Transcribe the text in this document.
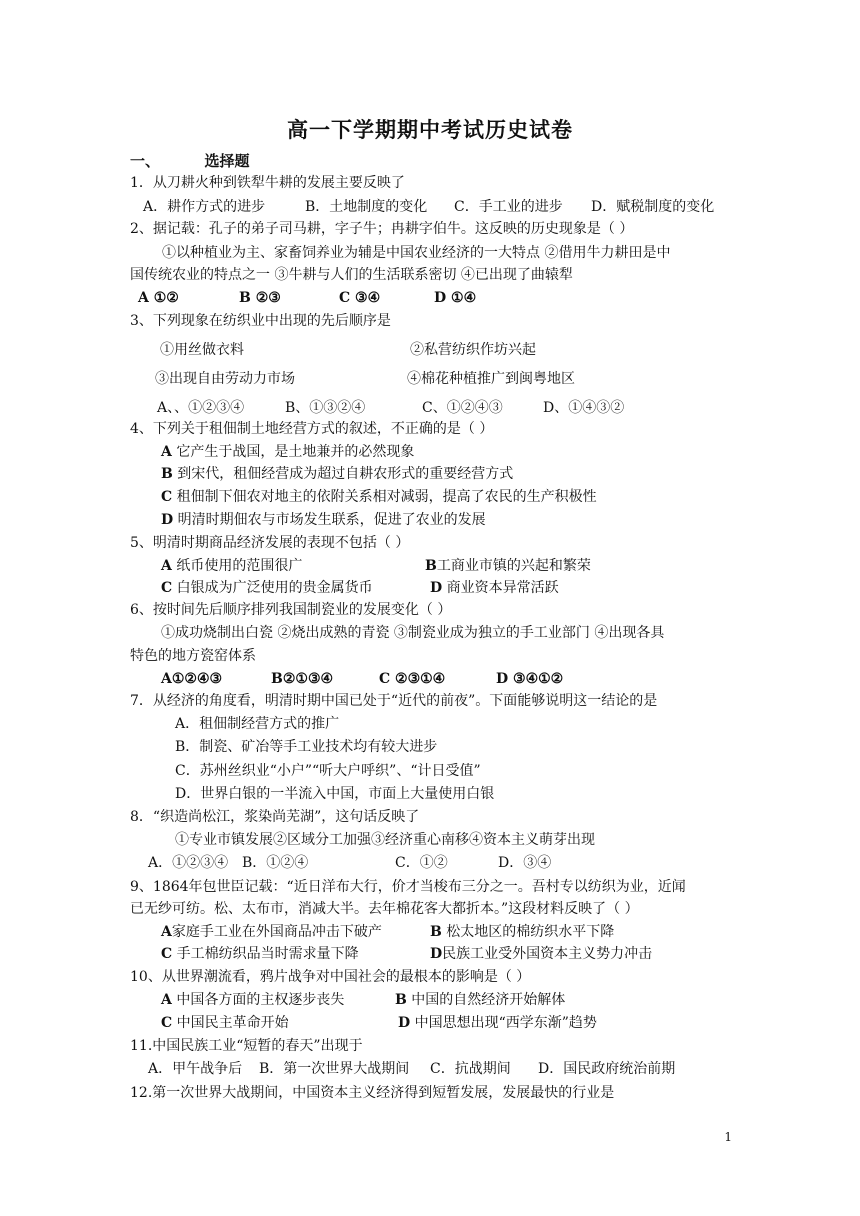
高一下学期期中考试历史试卷
一、	选择题
1．从刀耕火种到铁犁牛耕的发展主要反映了
A．耕作方式的进步	B．土地制度的变化 C．手工业的进步 D．赋税制度的变化
2、据记载：孔子的弟子司马耕，字子牛；冉耕字伯牛。这反映的历史现象是（ ）
①以种植业为主、家畜饲养业为辅是中国农业经济的一大特点 ②借用牛力耕田是中
国传统农业的特点之一 ③牛耕与人们的生活联系密切 ④已出现了曲辕犁
A ①②	B ②③	C ③④	D ①④
3、下列现象在纺织业中出现的先后顺序是
①用丝做衣料	②私营纺织作坊兴起
③出现自由劳动力市场	④棉花种植推广到闽粤地区
A、、①②③④	B、①③②④	C、①②④③	D、①④③②
4、下列关于租佃制土地经营方式的叙述，不正确的是（ ）
A 它产生于战国，是土地兼并的必然现象
B 到宋代，租佃经营成为超过自耕农形式的重要经营方式
C 租佃制下佃农对地主的依附关系相对减弱，提高了农民的生产积极性
D 明清时期佃农与市场发生联系，促进了农业的发展
5、明清时期商品经济发展的表现不包括（ ）
A 纸币使用的范围很广	B工商业市镇的兴起和繁荣
C 白银成为广泛使用的贵金属货币	D 商业资本异常活跃
6、按时间先后顺序排列我国制瓷业的发展变化（ ）
①成功烧制出白瓷 ②烧出成熟的青瓷 ③制瓷业成为独立的手工业部门 ④出现各具
特色的地方瓷窑体系
A①②④③	B②①③④	C ②③①④	D ③④①②
7．从经济的角度看，明清时期中国已处于“近代的前夜”。下面能够说明这一结论的是
A．租佃制经营方式的推广
B．制瓷、矿冶等手工业技术均有较大进步
C．苏州丝织业“小户”“听大户呼织”、“计日受值”
D．世界白银的一半流入中国，市面上大量使用白银
8．“织造尚松江，浆染尚芜湖”，这句话反映了
①专业市镇发展②区域分工加强③经济重心南移④资本主义萌芽出现
A．①②③④ B．①②④	C．①②	D．③④
9、1864年包世臣记载：“近日洋布大行，价才当梭布三分之一。吾村专以纺织为业，近闻
已无纱可纺。松、太布市，消减大半。去年棉花客大都折本。”这段材料反映了（ ）
A家庭手工业在外国商品冲击下破产	B 松太地区的棉纺织水平下降
C 手工棉纺织品当时需求量下降	D民族工业受外国资本主义势力冲击
10、从世界潮流看，鸦片战争对中国社会的最根本的影响是（ ）
A 中国各方面的主权逐步丧失	B 中国的自然经济开始解体
C 中国民主革命开始	D 中国思想出现“西学东渐”趋势
11.中国民族工业“短暂的春天”出现于
A．甲午战争后 B．第一次世界大战期间 C．抗战期间 D．国民政府统治前期
12.第一次世界大战期间，中国资本主义经济得到短暂发展，发展最快的行业是
1
